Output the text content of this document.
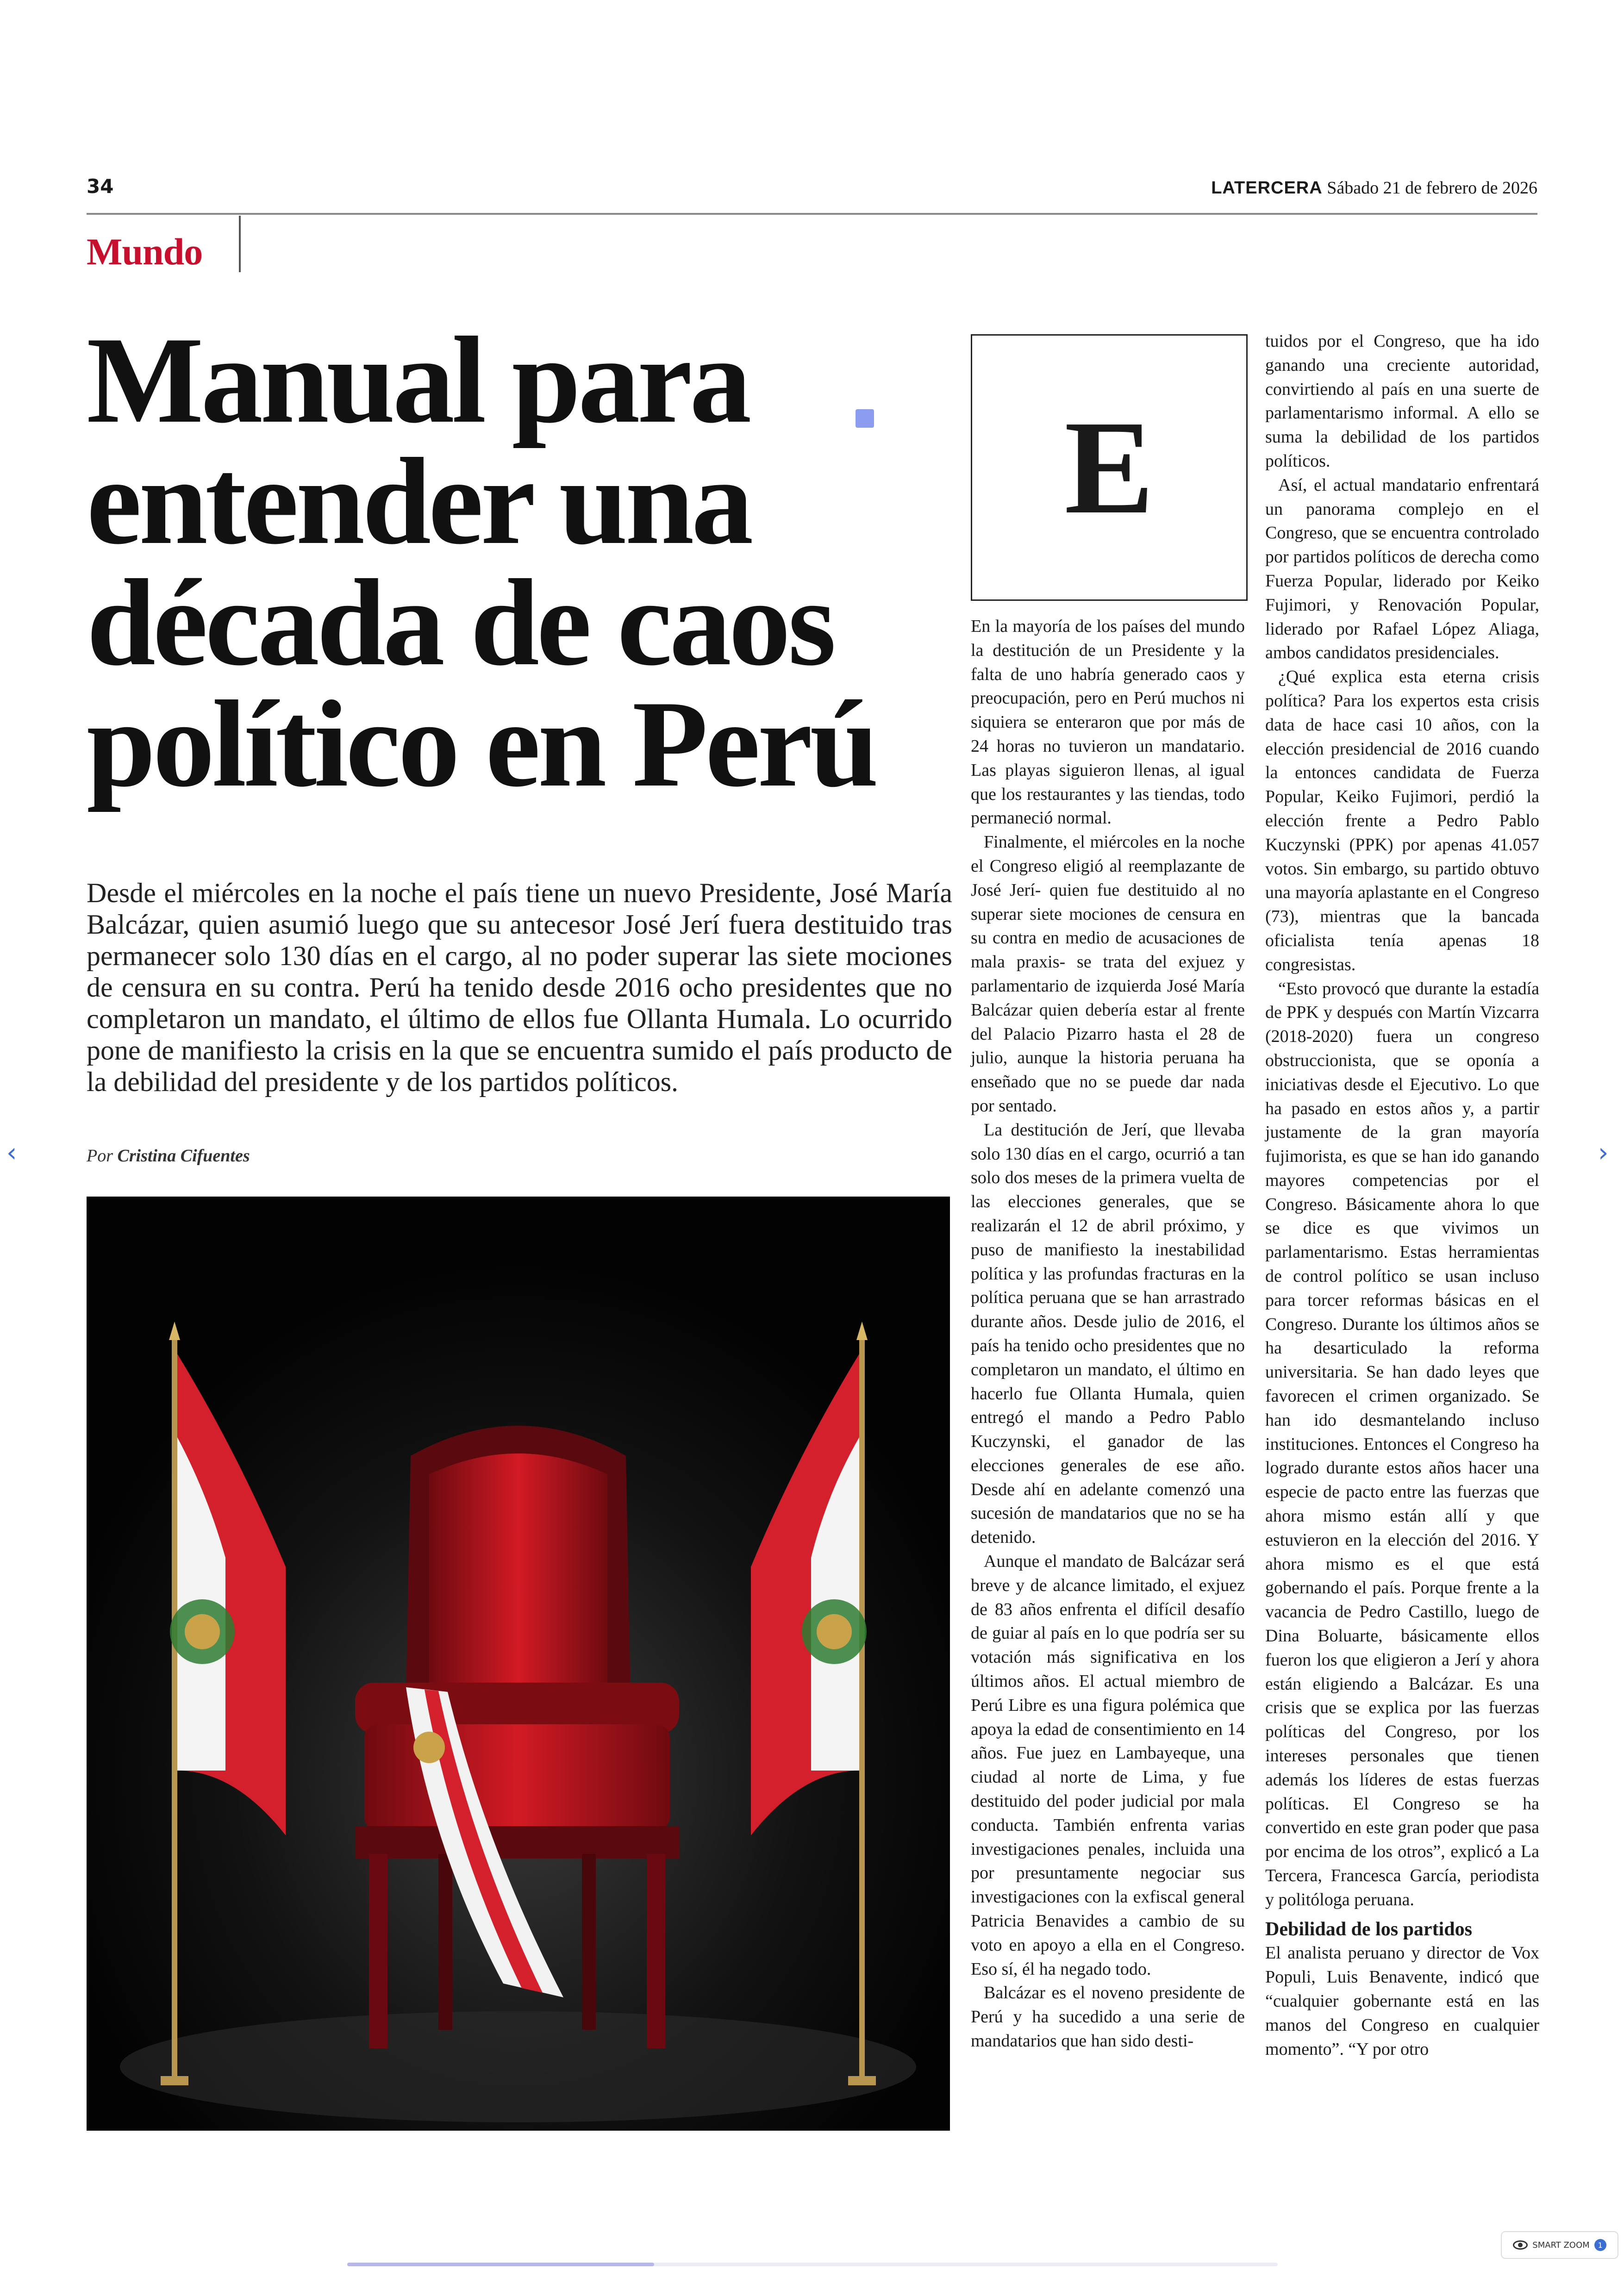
34	LATERCERA Sábado 21 de febrero de 2026
Mundo
Manual para
entender una
década de caos
político en Perú
Desde el miércoles en la noche el país tiene un nuevo Presidente, José María Balcázar, quien asumió luego que su antecesor José Jerí fuera destituido tras permanecer solo 130 días en el cargo, al no poder superar las siete mociones de censura en su contra. Perú ha tenido desde 2016 ocho presidentes que no completaron un mandato, el último de ellos fue Ollanta Humala. Lo ocurrido pone de manifiesto la crisis en la que se encuentra sumido el país producto de la debilidad del presidente y de los partidos políticos.
Por Cristina Cifuentes
E

En la mayoría de los países del mundo la destitución de un Presidente y la falta de uno habría generado caos y preocupación, pero en Perú muchos ni siquiera se enteraron que por más de 24 horas no tuvieron un mandatario. Las playas siguieron llenas, al igual que los restaurantes y las tiendas, todo permaneció normal.

Finalmente, el miércoles en la noche el Congreso eligió al reemplazante de José Jerí- quien fue destituido al no superar siete mociones de censura en su contra en medio de acusaciones de mala praxis- se trata del exjuez y parlamentario de izquierda José María Balcázar quien debería estar al frente del Palacio Pizarro hasta el 28 de julio, aunque la historia peruana ha enseñado que no se puede dar nada por sentado.

La destitución de Jerí, que llevaba solo 130 días en el cargo, ocurrió a tan solo dos meses de la primera vuelta de las elecciones generales, que se realizarán el 12 de abril próximo, y puso de manifiesto la inestabilidad política y las profundas fracturas en la política peruana que se han arrastrado durante años. Desde julio de 2016, el país ha tenido ocho presidentes que no completaron un mandato, el último en hacerlo fue Ollanta Humala, quien entregó el mando a Pedro Pablo Kuczynski, el ganador de las elecciones generales de ese año. Desde ahí en adelante comenzó una sucesión de mandatarios que no se ha detenido.

Aunque el mandato de Balcázar será breve y de alcance limitado, el exjuez de 83 años enfrenta el difícil desafío de guiar al país en lo que podría ser su votación más significativa en los últimos años. El actual miembro de Perú Libre es una figura polémica que apoya la edad de consentimiento en 14 años. Fue juez en Lambayeque, una ciudad al norte de Lima, y fue destituido del poder judicial por mala conducta. También enfrenta varias investigaciones penales, incluida una por presuntamente negociar sus investigaciones con la exfiscal general Patricia Benavides a cambio de su voto en apoyo a ella en el Congreso. Eso sí, él ha negado todo.

Balcázar es el noveno presidente de Perú y ha sucedido a una serie de mandatarios que han sido desti-

tuidos por el Congreso, que ha ido ganando una creciente autoridad, convirtiendo al país en una suerte de parlamentarismo informal. A ello se suma la debilidad de los partidos políticos.

Así, el actual mandatario enfrentará un panorama complejo en el Congreso, que se encuentra controlado por partidos políticos de derecha como Fuerza Popular, liderado por Keiko Fujimori, y Renovación Popular, liderado por Rafael López Aliaga, ambos candidatos presidenciales.

¿Qué explica esta eterna crisis política? Para los expertos esta crisis data de hace casi 10 años, con la elección presidencial de 2016 cuando la entonces candidata de Fuerza Popular, Keiko Fujimori, perdió la elección frente a Pedro Pablo Kuczynski (PPK) por apenas 41.057 votos. Sin embargo, su partido obtuvo una mayoría aplastante en el Congreso (73), mientras que la bancada oficialista tenía apenas 18 congresistas.

“Esto provocó que durante la estadía de PPK y después con Martín Vizcarra (2018-2020) fuera un congreso obstruccionista, que se oponía a iniciativas desde el Ejecutivo. Lo que ha pasado en estos años y, a partir justamente de la gran mayoría fujimorista, es que se han ido ganando mayores competencias por el Congreso. Básicamente ahora lo que se dice es que vivimos un parlamentarismo. Estas herramientas de control político se usan incluso para torcer reformas básicas en el Congreso. Durante los últimos años se ha desarticulado la reforma universitaria. Se han dado leyes que favorecen el crimen organizado. Se han ido desmantelando incluso instituciones. Entonces el Congreso ha logrado durante estos años hacer una especie de pacto entre las fuerzas que ahora mismo están allí y que estuvieron en la elección del 2016. Y ahora mismo es el que está gobernando el país. Porque frente a la vacancia de Pedro Castillo, luego de Dina Boluarte, básicamente ellos fueron los que eligieron a Jerí y ahora están eligiendo a Balcázar. Es una crisis que se explica por las fuerzas políticas del Congreso, por los intereses personales que tienen además los líderes de estas fuerzas políticas. El Congreso se ha convertido en este gran poder que pasa por encima de los otros”, explicó a La Tercera, Francesca García, periodista y politóloga peruana.

Debilidad de los partidos

El analista peruano y director de Vox Populi, Luis Benavente, indicó que “cualquier gobernante está en las manos del Congreso en cualquier momento”. “Y por otro

‹	›
SMART ZOOM	1
